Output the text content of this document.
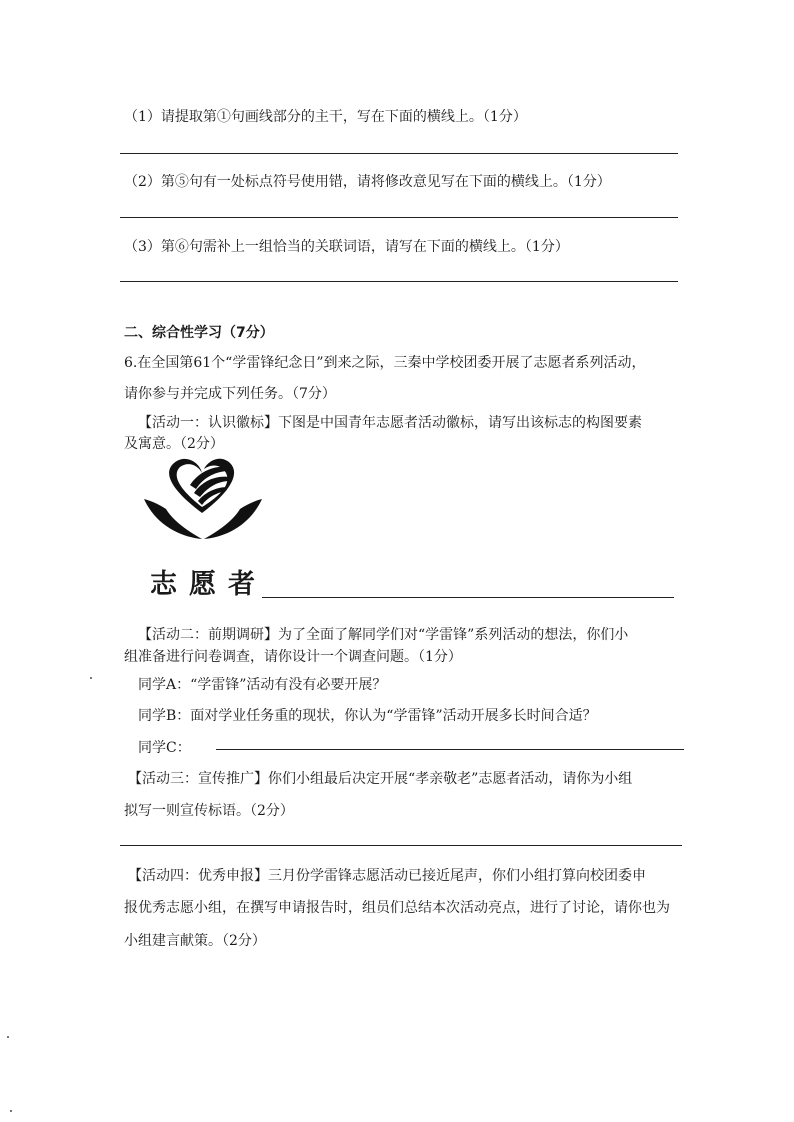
（1）请提取第①句画线部分的主干，写在下面的横线上。（1分）
（2）第⑤句有一处标点符号使用错，请将修改意见写在下面的横线上。（1分）
（3）第⑥句需补上一组恰当的关联词语，请写在下面的横线上。（1分）
二、综合性学习（7分）
6.在全国第61个“学雷锋纪念日”到来之际，三秦中学校团委开展了志愿者系列活动，
请你参与并完成下列任务。（7分）
【活动一：认识徽标】下图是中国青年志愿者活动徽标，请写出该标志的构图要素
及寓意。（2分）
志愿者
【活动二：前期调研】为了全面了解同学们对“学雷锋”系列活动的想法，你们小
组准备进行问卷调查，请你设计一个调查问题。（1分）
同学A：“学雷锋”活动有没有必要开展？
同学B：面对学业任务重的现状，你认为“学雷锋”活动开展多长时间合适？
同学C：
【活动三：宣传推广】你们小组最后决定开展“孝亲敬老”志愿者活动，请你为小组
拟写一则宣传标语。（2分）
【活动四：优秀申报】三月份学雷锋志愿活动已接近尾声，你们小组打算向校团委申
报优秀志愿小组，在撰写申请报告时，组员们总结本次活动亮点，进行了讨论，请你也为
小组建言献策。（2分）
